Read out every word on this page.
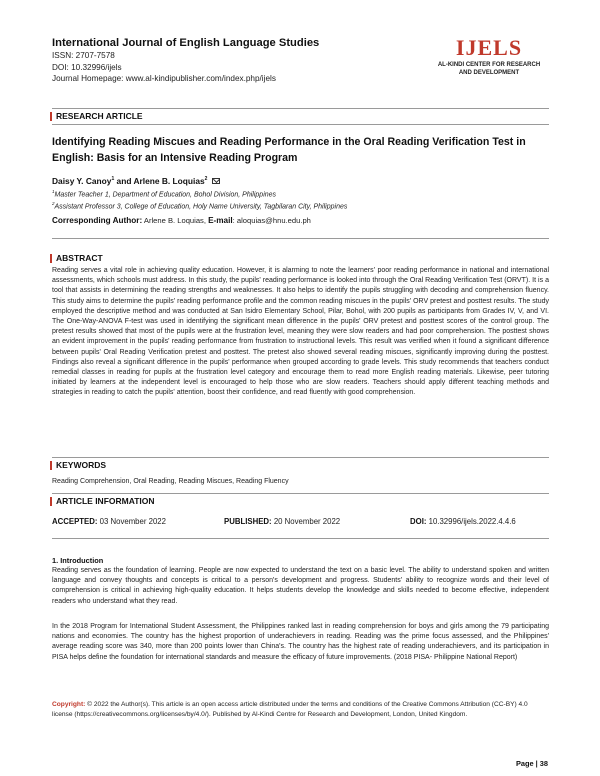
International Journal of English Language Studies
ISSN: 2707-7578
DOI: 10.32996/ijels
Journal Homepage: www.al-kindipublisher.com/index.php/ijels
IJELS
AL-KINDI CENTER FOR RESEARCH
AND DEVELOPMENT
RESEARCH ARTICLE
Identifying Reading Miscues and Reading Performance in the Oral Reading Verification Test in English: Basis for an Intensive Reading Program
Daisy Y. Canoy$^1$ and Arlene B. Loquias$^2$
$^1$Master Teacher 1, Department of Education, Bohol Division, Philippines
$^2$Assistant Professor 3, College of Education, Holy Name University, Tagbilaran City, Philippines
Corresponding Author: Arlene B. Loquias, E-mail: aloquias@hnu.edu.ph
ABSTRACT
Reading serves a vital role in achieving quality education. However, it is alarming to note the learners' poor reading performance in national and international assessments, which schools must address. In this study, the pupils' reading performance is looked into through the Oral Reading Verification Test (ORVT). It is a tool that assists in determining the reading strengths and weaknesses. It also helps to identify the pupils struggling with decoding and comprehension fluency. This study aims to determine the pupils' reading performance profile and the common reading miscues in the pupils' ORV pretest and posttest results. The study employed the descriptive method and was conducted at San Isidro Elementary School, Pilar, Bohol, with 200 pupils as participants from Grades IV, V, and VI. The One-Way-ANOVA F-test was used in identifying the significant mean difference in the pupils' ORV pretest and posttest scores of the control group. The pretest results showed that most of the pupils were at the frustration level, meaning they were slow readers and had poor comprehension. The posttest shows an evident improvement in the pupils' reading performance from frustration to instructional levels. This result was verified when it found a significant difference between pupils' Oral Reading Verification pretest and posttest. The pretest also showed several reading miscues, significantly improving during the posttest. Findings also reveal a significant difference in the pupils' performance when grouped according to grade levels. This study recommends that teachers conduct remedial classes in reading for pupils at the frustration level category and encourage them to read more English reading materials. Likewise, peer tutoring initiated by learners at the independent level is encouraged to help those who are slow readers. Teachers should apply different teaching methods and strategies in reading to catch the pupils' attention, boost their confidence, and read fluently with good comprehension.
KEYWORDS
Reading Comprehension, Oral Reading, Reading Miscues, Reading Fluency
ARTICLE INFORMATION
ACCEPTED: 03 November 2022	PUBLISHED: 20 November 2022	DOI: 10.32996/ijels.2022.4.4.6
1. Introduction
Reading serves as the foundation of learning. People are now expected to understand the text on a basic level. The ability to understand spoken and written language and convey thoughts and concepts is critical to a person's development and progress. Students' ability to recognize words and their level of comprehension is critical in achieving high-quality education. It helps students develop the knowledge and skills needed to become effective, independent readers who understand what they read.
In the 2018 Program for International Student Assessment, the Philippines ranked last in reading comprehension for boys and girls among the 79 participating nations and economies. The country has the highest proportion of underachievers in reading. Reading was the prime focus assessed, and the Philippines' average reading score was 340, more than 200 points lower than China's. The country has the highest rate of reading underachievers, and its participation in PISA helps define the foundation for international standards and measure the efficacy of future improvements. (2018 PISA- Philippine National Report)
Copyright: © 2022 the Author(s). This article is an open access article distributed under the terms and conditions of the Creative Commons Attribution (CC-BY) 4.0 license (https://creativecommons.org/licenses/by/4.0/). Published by Al-Kindi Centre for Research and Development, London, United Kingdom.
Page | 38
